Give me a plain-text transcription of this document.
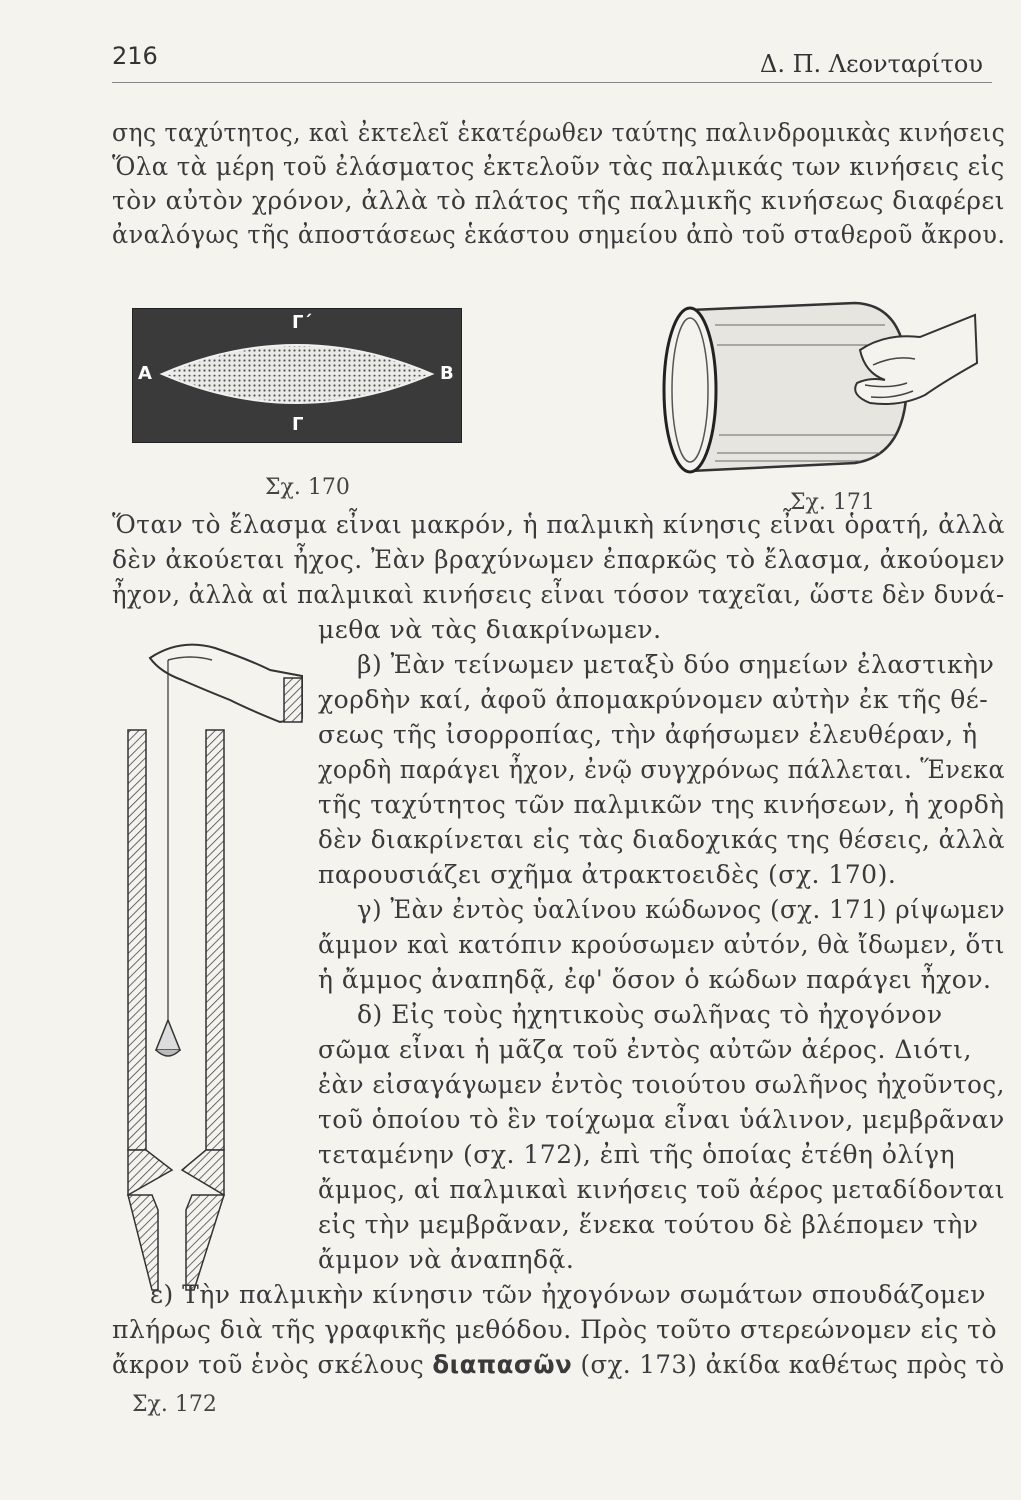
216	Δ. Π. Λεονταρίτου
σης ταχύτητος, καὶ ἐκτελεῖ ἑκατέρωθεν ταύτης παλινδρομικὰς κινήσεις
Ὅλα τὰ μέρη τοῦ ἐλάσματος ἐκτελοῦν τὰς παλμικάς των κινήσεις εἰς
τὸν αὐτὸν χρόνον, ἀλλὰ τὸ πλάτος τῆς παλμικῆς κινήσεως διαφέρει
ἀναλόγως τῆς ἀποστάσεως ἑκάστου σημείου ἀπὸ τοῦ σταθεροῦ ἄκρου.
Γ΄
Γ
Α	Β
Σχ. 170
Σχ. 171
Ὅταν τὸ ἔλασμα εἶναι μακρόν, ἡ παλμικὴ κίνησις εἶναι ὁρατή, ἀλλὰ
δὲν ἀκούεται ἦχος. Ἐὰν βραχύνωμεν ἐπαρκῶς τὸ ἔλασμα, ἀκούομεν
ἦχον, ἀλλὰ αἱ παλμικαὶ κινήσεις εἶναι τόσον ταχεῖαι, ὥστε δὲν δυνά-
μεθα νὰ τὰς διακρίνωμεν.
Σχ. 172
β) Ἐὰν τείνωμεν μεταξὺ δύο σημείων ἐλαστικὴν
χορδὴν καί, ἀφοῦ ἀπομακρύνομεν αὐτὴν ἐκ τῆς θέ-
σεως τῆς ἰσορροπίας, τὴν ἀφήσωμεν ἐλευθέραν, ἡ
χορδὴ παράγει ἦχον, ἐνῷ συγχρόνως πάλλεται. Ἕνεκα
τῆς ταχύτητος τῶν παλμικῶν της κινήσεων, ἡ χορδὴ
δὲν διακρίνεται εἰς τὰς διαδοχικάς της θέσεις, ἀλλὰ
παρουσιάζει σχῆμα ἀτρακτοειδὲς (σχ. 170).
γ) Ἐὰν ἐντὸς ὑαλίνου κώδωνος (σχ. 171) ρίψωμεν
ἄμμον καὶ κατόπιν κρούσωμεν αὐτόν, θὰ ἴδωμεν, ὅτι
ἡ ἄμμος ἀναπηδᾷ, ἐφ' ὅσον ὁ κώδων παράγει ἦχον.
δ) Εἰς τοὺς ἠχητικοὺς σωλῆνας τὸ ἠχογόνον
σῶμα εἶναι ἡ μᾶζα τοῦ ἐντὸς αὐτῶν ἀέρος. Διότι,
ἐὰν εἰσαγάγωμεν ἐντὸς τοιούτου σωλῆνος ἠχοῦντος,
τοῦ ὁποίου τὸ ἓν τοίχωμα εἶναι ὑάλινον, μεμβρᾶναν
τεταμένην (σχ. 172), ἐπὶ τῆς ὁποίας ἐτέθη ὀλίγη
ἄμμος, αἱ παλμικαὶ κινήσεις τοῦ ἀέρος μεταδίδονται
εἰς τὴν μεμβρᾶναν, ἕνεκα τούτου δὲ βλέπομεν τὴν
ἄμμον νὰ ἀναπηδᾷ.
ε) Τὴν παλμικὴν κίνησιν τῶν ἠχογόνων σωμάτων σπουδάζομεν
πλήρως διὰ τῆς γραφικῆς μεθόδου. Πρὸς τοῦτο στερεώνομεν εἰς τὸ
ἄκρον τοῦ ἑνὸς σκέλους διαπασῶν (σχ. 173) ἀκίδα καθέτως πρὸς τὸ
